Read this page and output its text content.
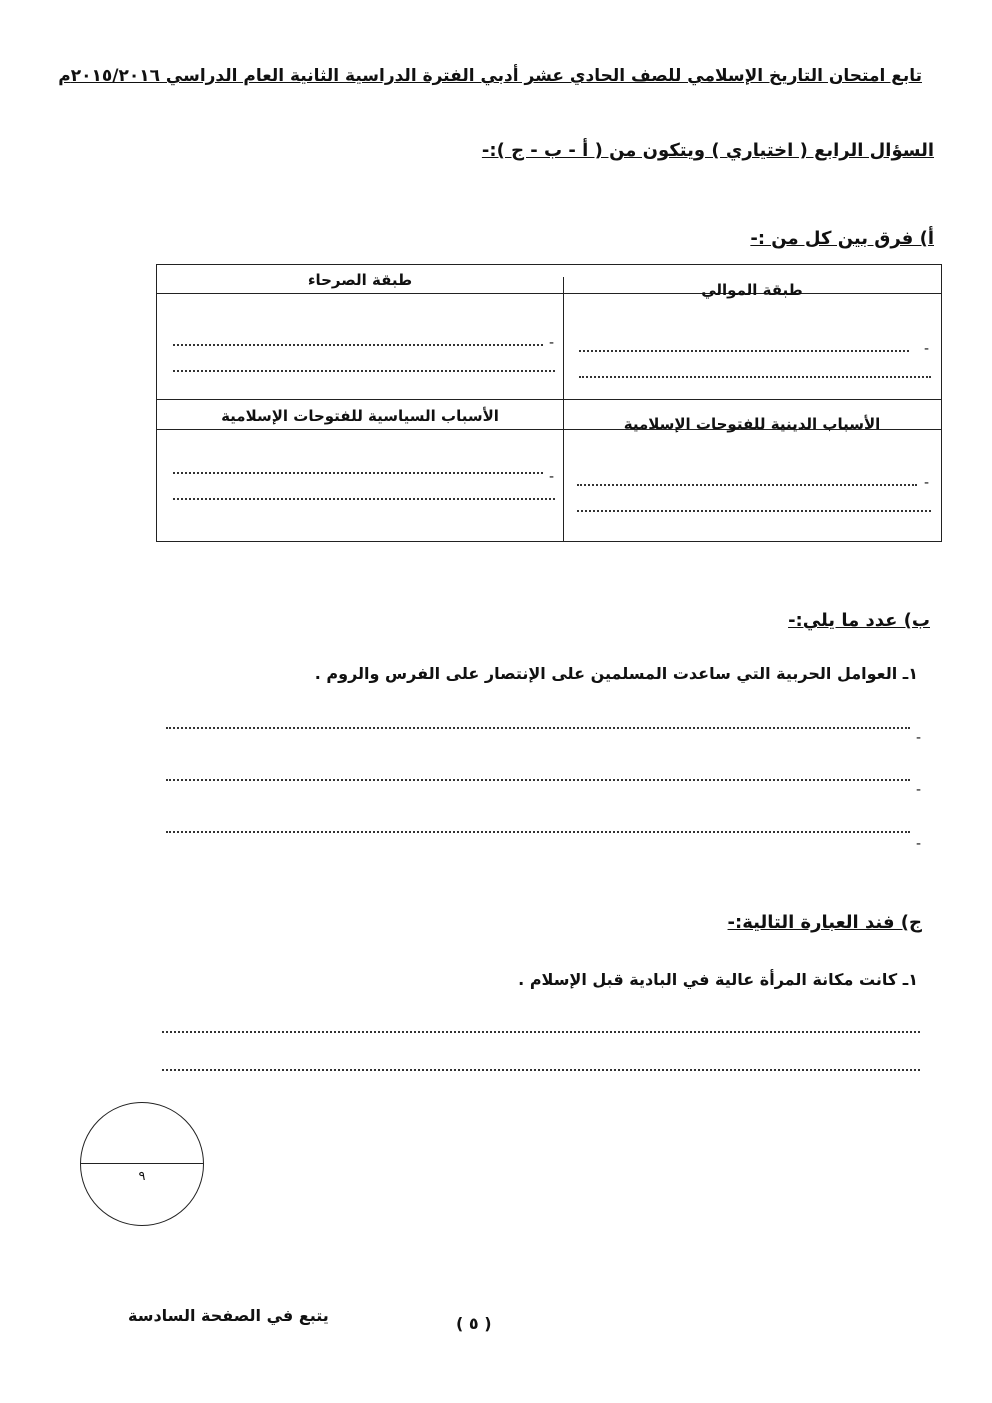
تابع امتحان التاريخ الإسلامي للصف الحادي عشر أدبي الفترة الدراسية الثانية العام الدراسي ٢٠١٥/٢٠١٦م
السؤال الرابع ( اختياري ) ويتكون من ( أ - ب - ج ):-
أ) فرق بين كل من :-
طبقة الموالي
طبقة الصرحاء
-
-
الأسباب الدينية للفتوحات الإسلامية
الأسباب السياسية للفتوحات الإسلامية
-
-
ب) عدد ما يلي:-
١ـ العوامل الحربية التي ساعدت المسلمين على الإنتصار على الفرس والروم .
-
-
-
ج) فند العبارة التالية:-
١ـ كانت مكانة المرأة عالية في البادية قبل الإسلام .
٩
يتبع في الصفحة السادسة	( ٥ )
